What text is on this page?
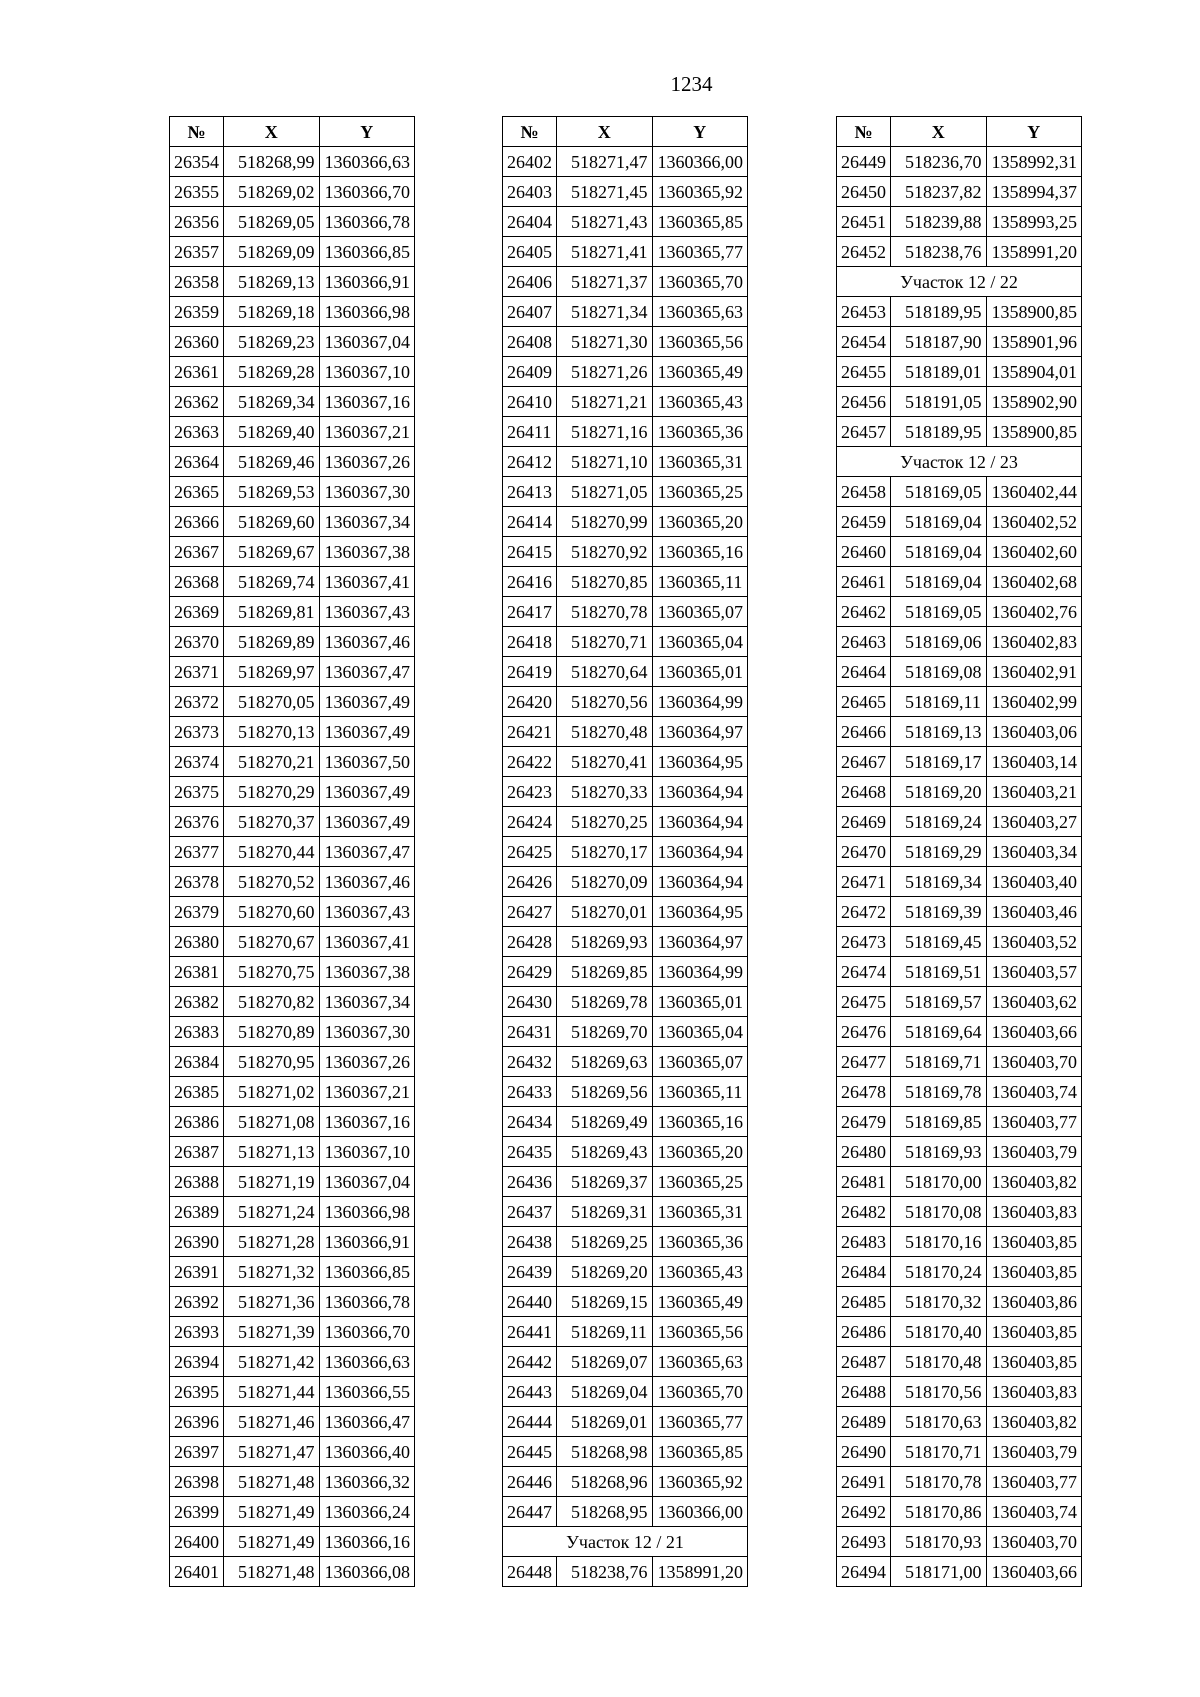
1234
№	X	Y
26354	518268,99	1360366,63
26355	518269,02	1360366,70
26356	518269,05	1360366,78
26357	518269,09	1360366,85
26358	518269,13	1360366,91
26359	518269,18	1360366,98
26360	518269,23	1360367,04
26361	518269,28	1360367,10
26362	518269,34	1360367,16
26363	518269,40	1360367,21
26364	518269,46	1360367,26
26365	518269,53	1360367,30
26366	518269,60	1360367,34
26367	518269,67	1360367,38
26368	518269,74	1360367,41
26369	518269,81	1360367,43
26370	518269,89	1360367,46
26371	518269,97	1360367,47
26372	518270,05	1360367,49
26373	518270,13	1360367,49
26374	518270,21	1360367,50
26375	518270,29	1360367,49
26376	518270,37	1360367,49
26377	518270,44	1360367,47
26378	518270,52	1360367,46
26379	518270,60	1360367,43
26380	518270,67	1360367,41
26381	518270,75	1360367,38
26382	518270,82	1360367,34
26383	518270,89	1360367,30
26384	518270,95	1360367,26
26385	518271,02	1360367,21
26386	518271,08	1360367,16
26387	518271,13	1360367,10
26388	518271,19	1360367,04
26389	518271,24	1360366,98
26390	518271,28	1360366,91
26391	518271,32	1360366,85
26392	518271,36	1360366,78
26393	518271,39	1360366,70
26394	518271,42	1360366,63
26395	518271,44	1360366,55
26396	518271,46	1360366,47
26397	518271,47	1360366,40
26398	518271,48	1360366,32
26399	518271,49	1360366,24
26400	518271,49	1360366,16
26401	518271,48	1360366,08
№	X	Y
26402	518271,47	1360366,00
26403	518271,45	1360365,92
26404	518271,43	1360365,85
26405	518271,41	1360365,77
26406	518271,37	1360365,70
26407	518271,34	1360365,63
26408	518271,30	1360365,56
26409	518271,26	1360365,49
26410	518271,21	1360365,43
26411	518271,16	1360365,36
26412	518271,10	1360365,31
26413	518271,05	1360365,25
26414	518270,99	1360365,20
26415	518270,92	1360365,16
26416	518270,85	1360365,11
26417	518270,78	1360365,07
26418	518270,71	1360365,04
26419	518270,64	1360365,01
26420	518270,56	1360364,99
26421	518270,48	1360364,97
26422	518270,41	1360364,95
26423	518270,33	1360364,94
26424	518270,25	1360364,94
26425	518270,17	1360364,94
26426	518270,09	1360364,94
26427	518270,01	1360364,95
26428	518269,93	1360364,97
26429	518269,85	1360364,99
26430	518269,78	1360365,01
26431	518269,70	1360365,04
26432	518269,63	1360365,07
26433	518269,56	1360365,11
26434	518269,49	1360365,16
26435	518269,43	1360365,20
26436	518269,37	1360365,25
26437	518269,31	1360365,31
26438	518269,25	1360365,36
26439	518269,20	1360365,43
26440	518269,15	1360365,49
26441	518269,11	1360365,56
26442	518269,07	1360365,63
26443	518269,04	1360365,70
26444	518269,01	1360365,77
26445	518268,98	1360365,85
26446	518268,96	1360365,92
26447	518268,95	1360366,00
Участок 12 / 21		
26448	518238,76	1358991,20
№	X	Y
26449	518236,70	1358992,31
26450	518237,82	1358994,37
26451	518239,88	1358993,25
26452	518238,76	1358991,20
Участок 12 / 22		
26453	518189,95	1358900,85
26454	518187,90	1358901,96
26455	518189,01	1358904,01
26456	518191,05	1358902,90
26457	518189,95	1358900,85
Участок 12 / 23		
26458	518169,05	1360402,44
26459	518169,04	1360402,52
26460	518169,04	1360402,60
26461	518169,04	1360402,68
26462	518169,05	1360402,76
26463	518169,06	1360402,83
26464	518169,08	1360402,91
26465	518169,11	1360402,99
26466	518169,13	1360403,06
26467	518169,17	1360403,14
26468	518169,20	1360403,21
26469	518169,24	1360403,27
26470	518169,29	1360403,34
26471	518169,34	1360403,40
26472	518169,39	1360403,46
26473	518169,45	1360403,52
26474	518169,51	1360403,57
26475	518169,57	1360403,62
26476	518169,64	1360403,66
26477	518169,71	1360403,70
26478	518169,78	1360403,74
26479	518169,85	1360403,77
26480	518169,93	1360403,79
26481	518170,00	1360403,82
26482	518170,08	1360403,83
26483	518170,16	1360403,85
26484	518170,24	1360403,85
26485	518170,32	1360403,86
26486	518170,40	1360403,85
26487	518170,48	1360403,85
26488	518170,56	1360403,83
26489	518170,63	1360403,82
26490	518170,71	1360403,79
26491	518170,78	1360403,77
26492	518170,86	1360403,74
26493	518170,93	1360403,70
26494	518171,00	1360403,66
